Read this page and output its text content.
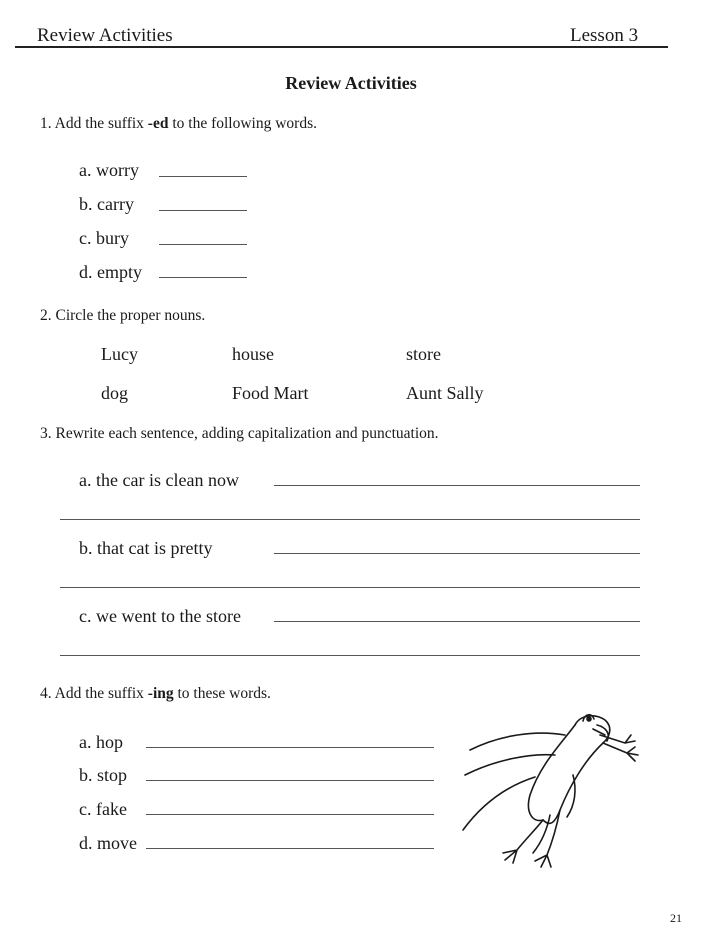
Review Activities	Lesson 3
Review Activities
1. Add the suffix -ed to the following words.
a. worry
b. carry
c. bury
d. empty
2. Circle the proper nouns.
Lucy	house	store
dog	Food Mart	Aunt Sally
3. Rewrite each sentence, adding capitalization and punctuation.
a. the car is clean now
b. that cat is pretty
c. we went to the store
4. Add the suffix -ing to these words.
a. hop
b. stop
c. fake
d. move
21
